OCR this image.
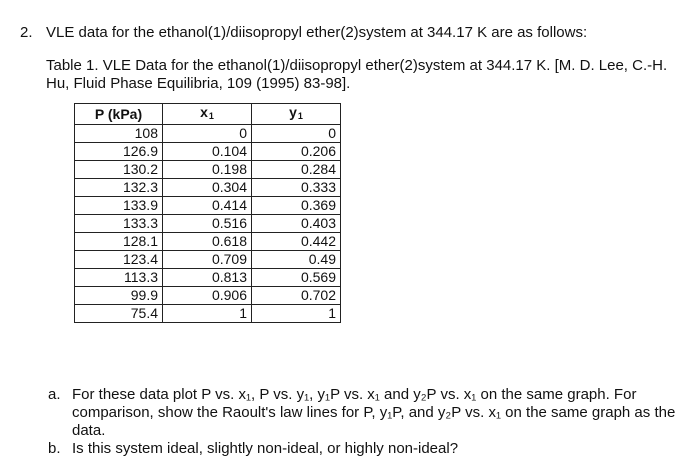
2. VLE data for the ethanol(1)/diisopropyl ether(2)system at 344.17 K are as follows:
Table 1. VLE Data for the ethanol(1)/diisopropyl ether(2)system at 344.17 K. [M. D. Lee, C.-H. Hu, Fluid Phase Equilibria, 109 (1995) 83-98].
P (kPa)	$x_1$	$y_1$
108	0	0
126.9	0.104	0.206
130.2	0.198	0.284
132.3	0.304	0.333
133.9	0.414	0.369
133.3	0.516	0.403
128.1	0.618	0.442
123.4	0.709	0.49
113.3	0.813	0.569
99.9	0.906	0.702
75.4	1	1
a. For these data plot P vs. x₁, P vs. y₁, y₁P vs. x₁ and y₂P vs. x₁ on the same graph. For comparison, show the Raoult's law lines for P, y₁P, and y₂P vs. x₁ on the same graph as the data.
b. Is this system ideal, slightly non-ideal, or highly non-ideal?
